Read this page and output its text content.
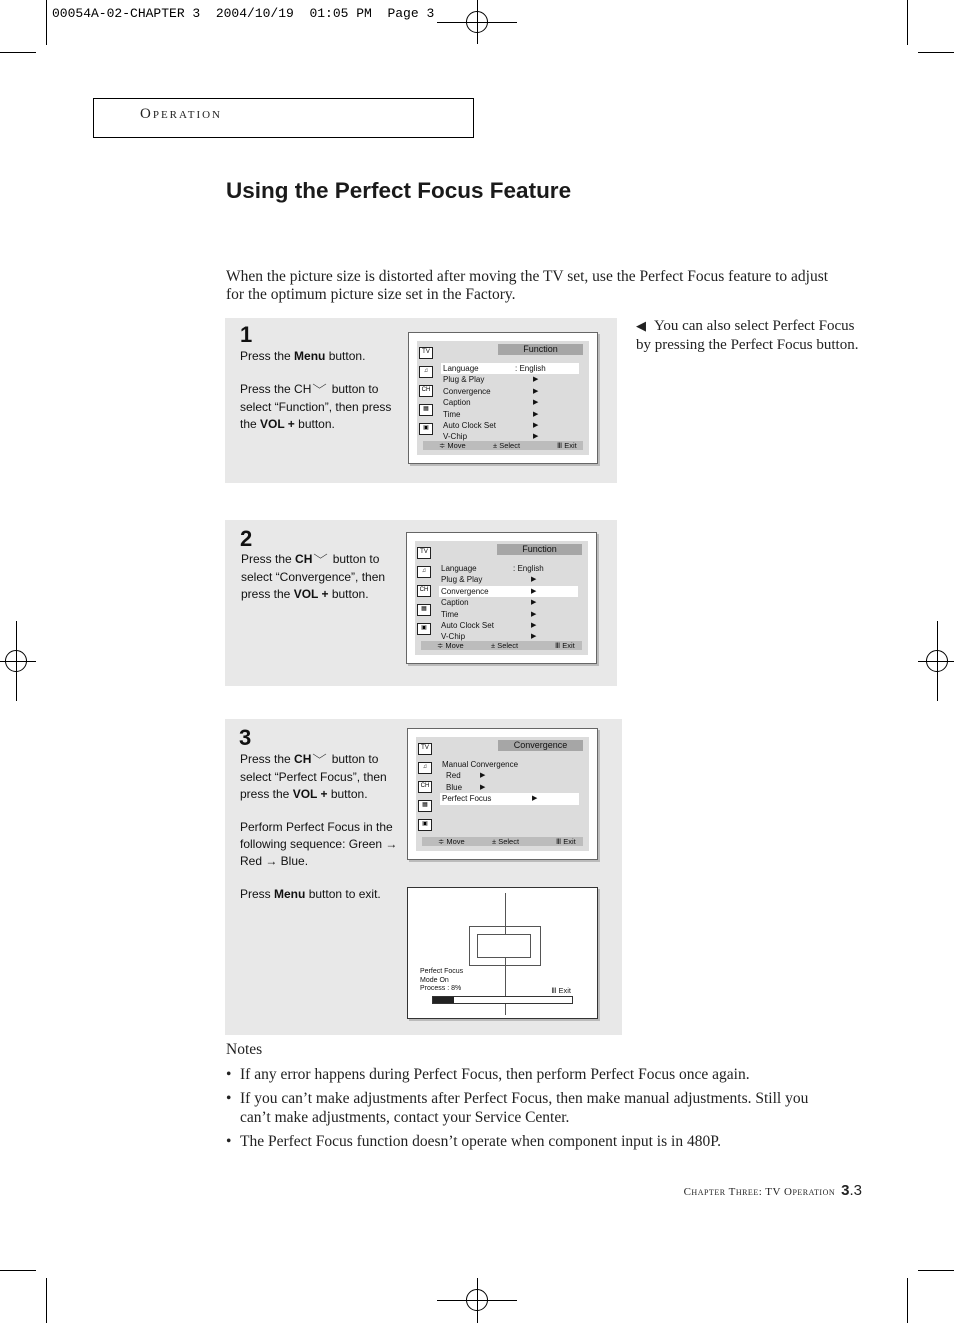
00054A-02-CHAPTER 3  2004/10/19  01:05 PM  Page 3
Operation
Using the Perfect Focus Feature

When the picture size is distorted after moving the TV set, use the Perfect Focus feature to adjust for the optimum picture size set in the Factory.

◀ You can also select Perfect Focus by pressing the Perfect Focus button.
1

Press the Menu button.

Press the CH﹀ button to select “Function”, then press the VOL + button.

TV
♫
CH
▦
▣
Function
Language	: English
Plug & Play	▶
Convergence	▶
Caption	▶
Time	▶
Auto Clock Set	▶
V-Chip	▶
≑ Move	± Select	Ⅲ Exit
2

Press the CH﹀ button to select “Convergence”, then press the VOL + button.

TV
♫
CH
▦
▣
Function
Language	: English
Plug & Play	▶
Convergence	▶
Caption	▶
Time	▶
Auto Clock Set	▶
V-Chip	▶
≑ Move	± Select	Ⅲ Exit
3

Press the CH﹀ button to select “Perfect Focus”, then press the VOL + button.

Perform Perfect Focus in the following sequence: Green → Red → Blue.

Press Menu button to exit.

TV
♫
CH
▦
▣
Convergence
Manual Convergence
Red	▶
Blue	▶
Perfect Focus	▶
≑ Move	± Select	Ⅲ Exit
Perfect Focus
Mode On
Process : 8%	Ⅲ Exit
Notes
• If any error happens during Perfect Focus, then perform Perfect Focus once again.
• If you can’t make adjustments after Perfect Focus, then make manual adjustments. Still you can’t make adjustments, contact your Service Center.
• The Perfect Focus function doesn’t operate when component input is in 480P.
Chapter Three: TV Operation 3.3
